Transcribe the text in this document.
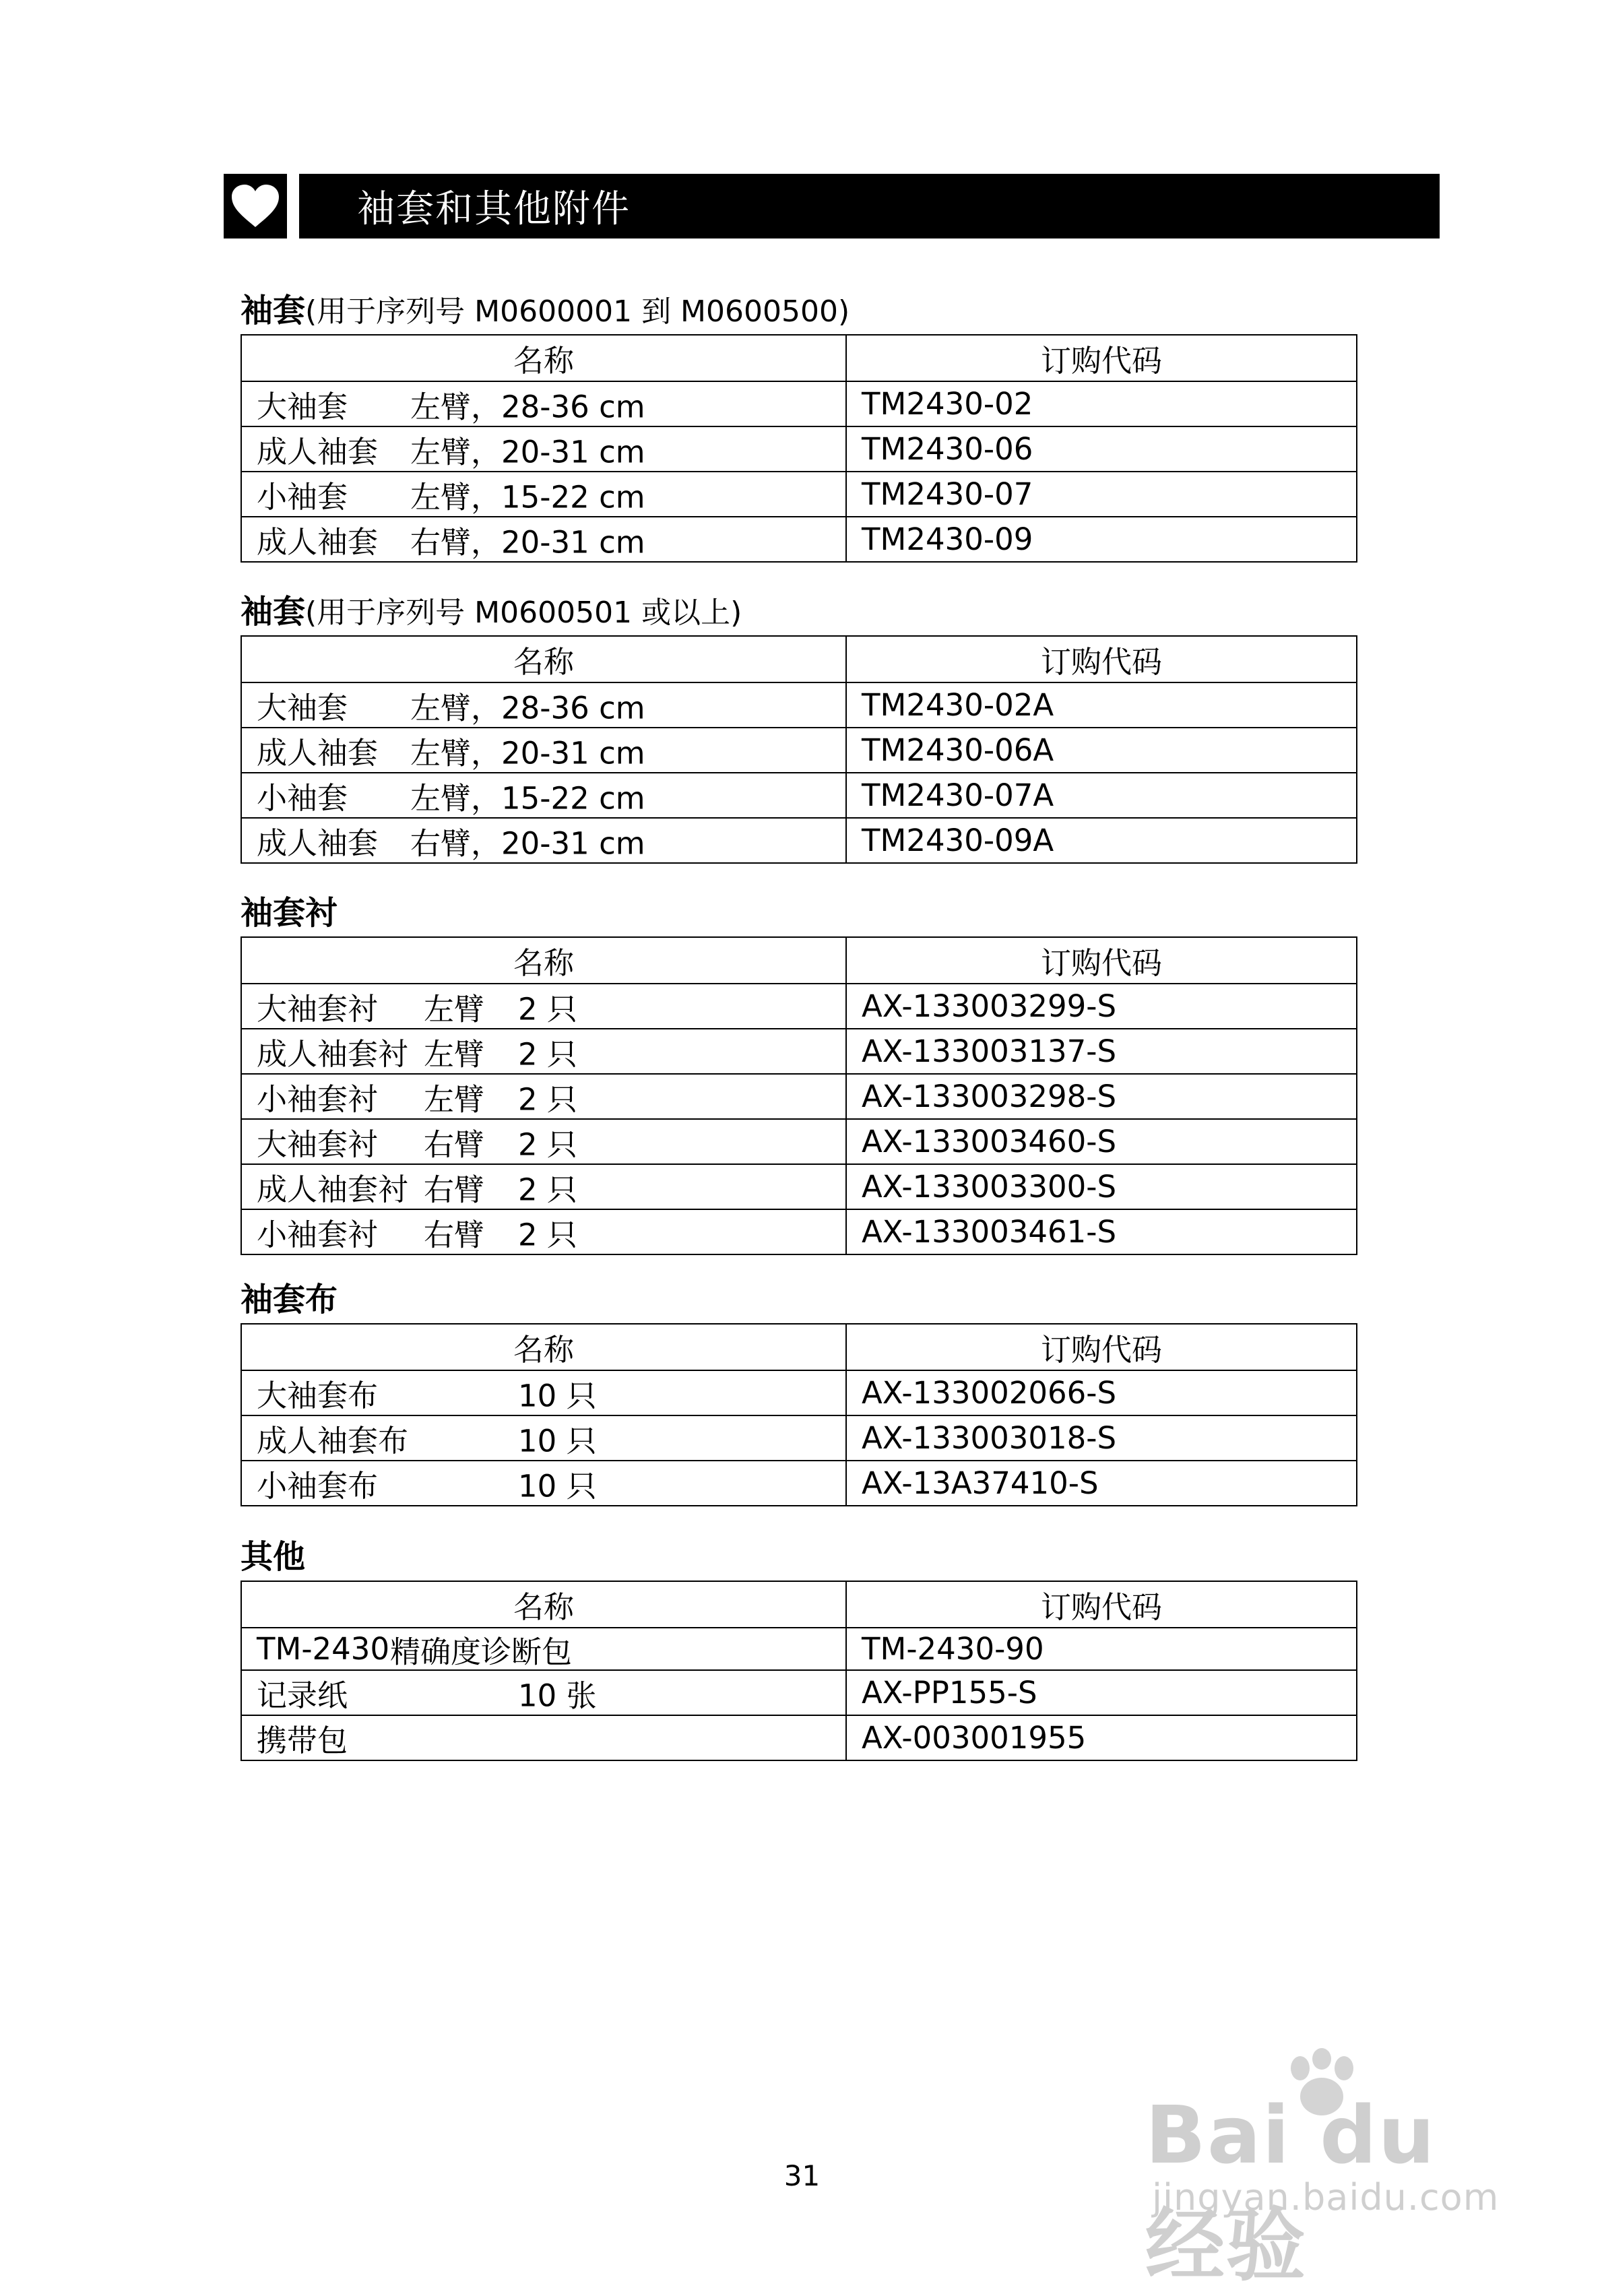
袖套和其他附件
袖套(用于序列号 M0600001 到 M0600500)
名称	订购代码
大袖套 左臂，28-36 cm	TM2430-02
成人袖套 左臂，20-31 cm	TM2430-06
小袖套 左臂，15-22 cm	TM2430-07
成人袖套 右臂，20-31 cm	TM2430-09
袖套(用于序列号 M0600501 或以上)
名称	订购代码
大袖套 左臂，28-36 cm	TM2430-02A
成人袖套 左臂，20-31 cm	TM2430-06A
小袖套 左臂，15-22 cm	TM2430-07A
成人袖套 右臂，20-31 cm	TM2430-09A
袖套衬
名称	订购代码
大袖套衬 左臂 2 只	AX-133003299-S
成人袖套衬 左臂 2 只	AX-133003137-S
小袖套衬 左臂 2 只	AX-133003298-S
大袖套衬 右臂 2 只	AX-133003460-S
成人袖套衬 右臂 2 只	AX-133003300-S
小袖套衬 右臂 2 只	AX-133003461-S
袖套布
名称	订购代码
大袖套布 10 只	AX-133002066-S
成人袖套布 10 只	AX-133003018-S
小袖套布 10 只	AX-13A37410-S
其他
名称	订购代码
TM-2430 精确度诊断包	TM-2430-90
记录纸 10 张	AX-PP155-S
携带包	AX-003001955
31	Bai du 经验
jingyan.baidu.com
